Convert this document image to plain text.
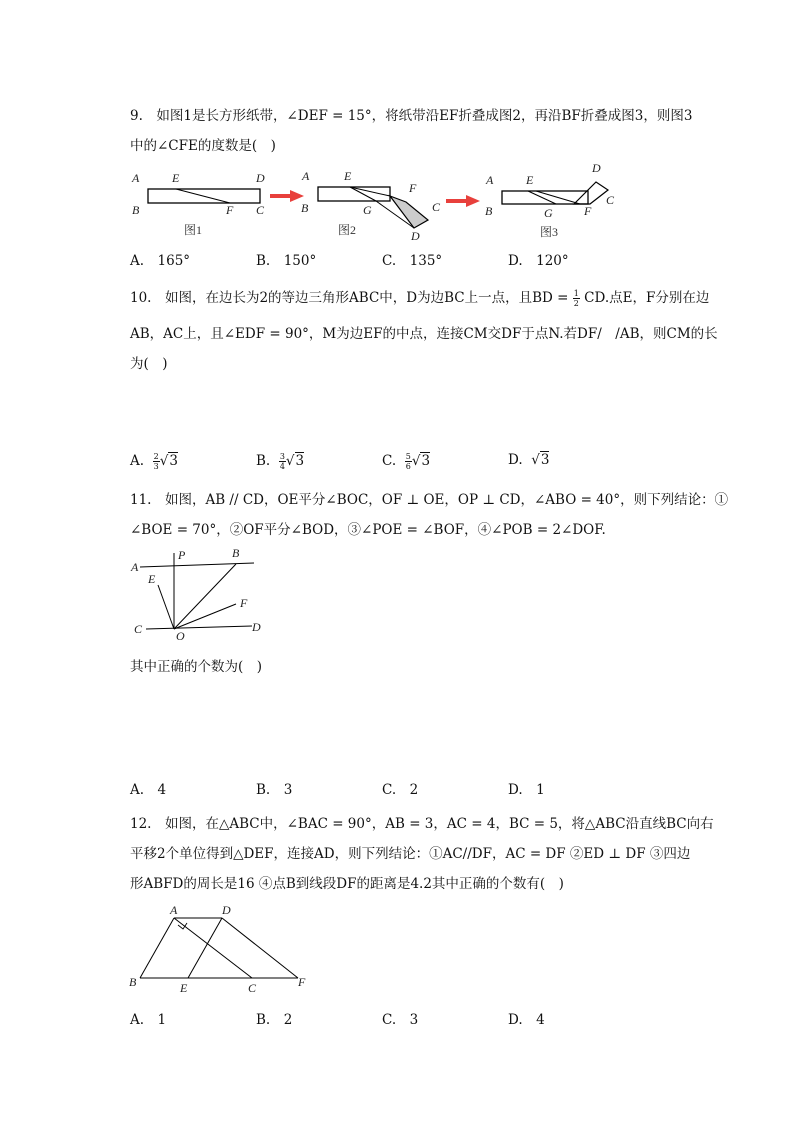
9.　如图1是长方形纸带，∠DEF = 15°，将纸带沿EF折叠成图2，再沿BF折叠成图3，则图3
中的∠CFE的度数是(　)
A	E	D
B	F C
图1
A	E
F
C
B	G
D
图2
D
A	E
C
B	G	F
图3
A.　165°	B.　150°	C.　135°	D.　120°
10.　如图，在边长为2的等边三角形ABC中，D为边BC上一点，且BD = $\frac{1}{2}$ CD.点E，F分别在边
AB，AC上，且∠EDF = 90°，M为边EF的中点，连接CM交DF于点N.若DF/　/AB，则CM的长
为(　)
A. $\frac{2}{3} √3$	B. $\frac{3}{4} √3$	C. $\frac{5}{6} √3$	D. √3
11.　如图，AB // CD，OE平分∠BOC，OF ⊥ OE，OP ⊥ CD，∠ABO = 40°，则下列结论：①
∠BOE = 70°，②OF平分∠BOD，③∠POE = ∠BOF，④∠POB = 2∠DOF.
P	B
A
E
F
C	O
D
其中正确的个数为(　)
A.　4	B.　3	C.　2	D.　1
12.　如图，在△ABC中，∠BAC = 90°，AB = 3，AC = 4，BC = 5，将△ABC沿直线BC向右
平移2个单位得到△DEF，连接AD，则下列结论：①AC//DF，AC = DF ②ED ⊥ DF ③四边
形ABFD的周长是16 ④点B到线段DF的距离是4.2其中正确的个数有(　)
A	D
B	E	C	F
A.　1	B.　2	C.　3	D.　4
